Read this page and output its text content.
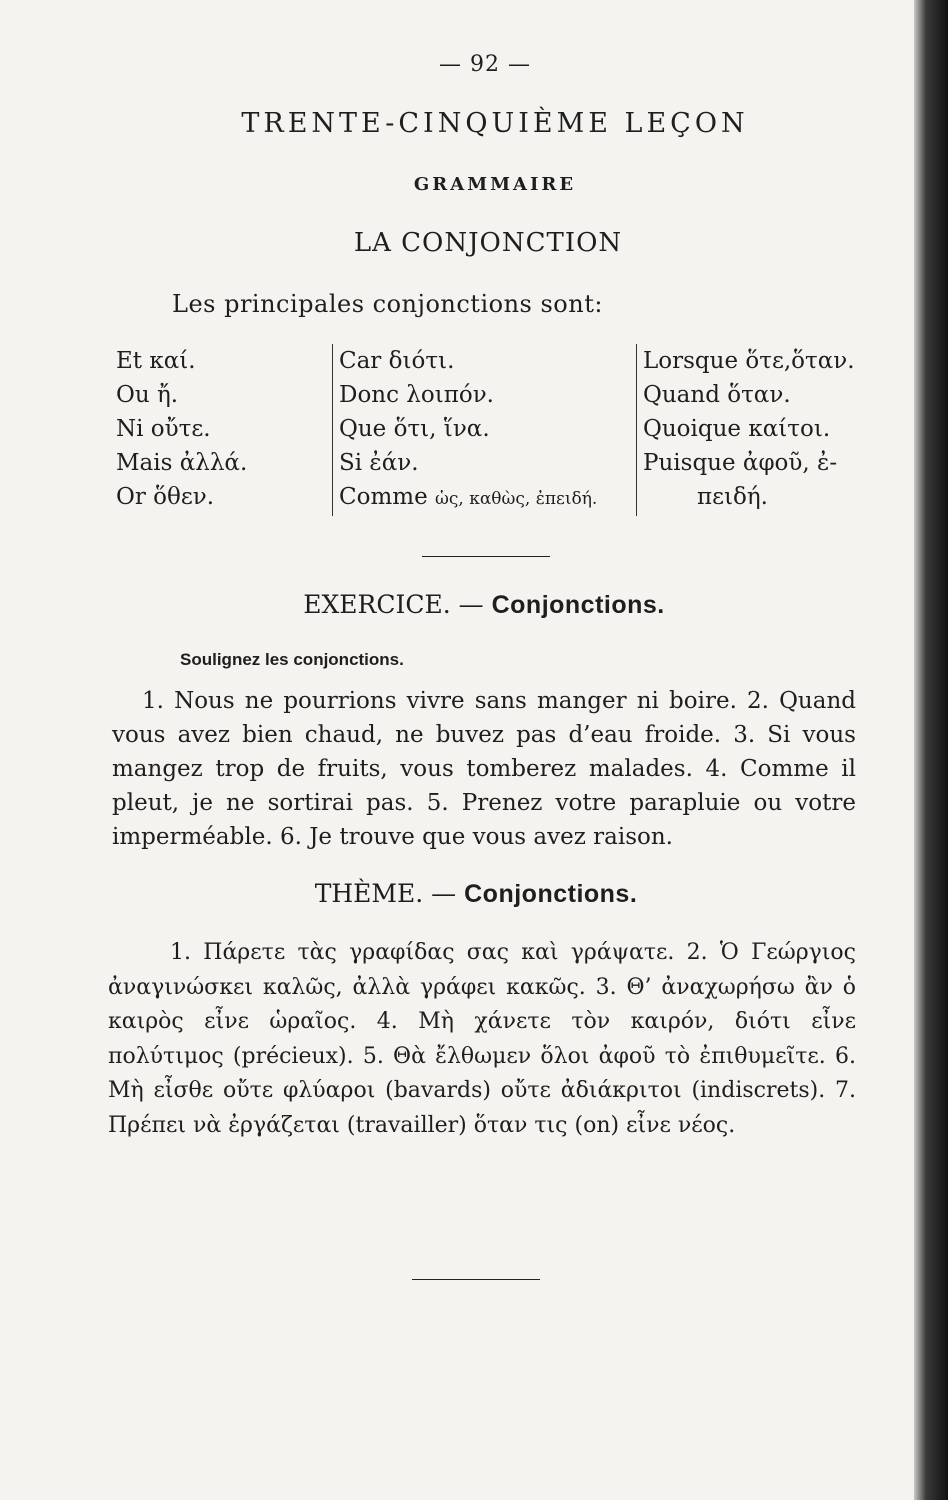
— 92 —
TRENTE-CINQUIÈME LEÇON
GRAMMAIRE
LA CONJONCTION
Les principales conjonctions sont:
Et καί.
Ou ἤ.
Ni οὔτε.
Mais ἀλλά.
Or ὅθεν.
Car διότι.
Donc λοιπόν.
Que ὅτι, ἵνα.
Si ἐάν.
Comme ὡς, καθὼς, ἐπειδή.
Lorsque ὅτε,ὅταν.
Quand ὅταν.
Quoique καίτοι.
Puisque ἀφοῦ, ἐ-
πειδή.
EXERCICE. — Conjonctions.
Soulignez les conjonctions.

1. Nous ne pourrions vivre sans manger ni boire. 2. Quand vous avez bien chaud, ne buvez pas d’eau froide. 3. Si vous mangez trop de fruits, vous tomberez malades. 4. Comme il pleut, je ne sortirai pas. 5. Prenez votre parapluie ou votre imperméable. 6. Je trouve que vous avez raison.

THÈME. — Conjonctions.

1. Πάρετε τὰς γραφίδας σας καὶ γράψατε. 2. Ὁ Γεώργιος ἀναγινώσκει καλῶς, ἀλλὰ γράφει κακῶς. 3. Θ’ ἀναχωρήσω ἂν ὁ καιρὸς εἶνε ὡραῖος. 4. Μὴ χάνετε τὸν καιρόν, διότι εἶνε πολύτιμος (précieux). 5. Θὰ ἔλθωμεν ὅλοι ἀφοῦ τὸ ἐπιθυμεῖτε. 6. Μὴ εἶσθε οὔτε φλύαροι (bavards) οὔτε ἀδιάκριτοι (indiscrets). 7. Πρέπει νὰ ἐργάζεται (travailler) ὅταν τις (on) εἶνε νέος.
